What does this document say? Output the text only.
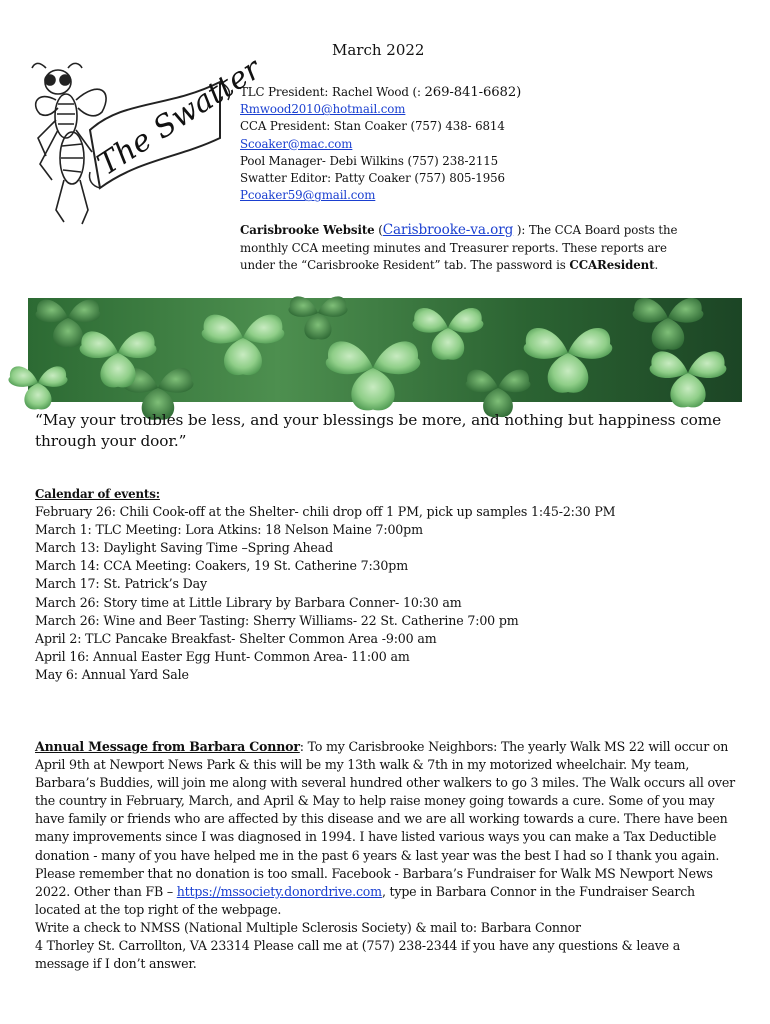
March 2022
The Swatter
TLC President: Rachel Wood (: 269-841-6682)
Rmwood2010@hotmail.com
CCA President: Stan Coaker (757) 438- 6814
Scoaker@mac.com
Pool Manager- Debi Wilkins (757) 238-2115
Swatter Editor: Patty Coaker (757) 805-1956
Pcoaker59@gmail.com
Carisbrooke Website (Carisbrooke-va.org ): The CCA Board posts the monthly CCA meeting minutes and Treasurer reports. These reports are under the “Carisbrooke Resident” tab. The password is CCAResident.
“May your troubles be less, and your blessings be more, and nothing but happiness come through your door.”
Calendar of events:
February 26: Chili Cook-off at the Shelter- chili drop off 1 PM, pick up samples 1:45-2:30 PM
March 1: TLC Meeting: Lora Atkins: 18 Nelson Maine 7:00pm
March 13: Daylight Saving Time –Spring Ahead
March 14: CCA Meeting: Coakers, 19 St. Catherine 7:30pm
March 17: St. Patrick’s Day
March 26: Story time at Little Library by Barbara Conner- 10:30 am
March 26: Wine and Beer Tasting: Sherry Williams- 22 St. Catherine 7:00 pm
April 2: TLC Pancake Breakfast- Shelter Common Area -9:00 am
April 16: Annual Easter Egg Hunt- Common Area- 11:00 am
May 6: Annual Yard Sale
Annual Message from Barbara Connor: To my Carisbrooke Neighbors: The yearly Walk MS 22 will occur on April 9th at Newport News Park & this will be my 13th walk & 7th in my motorized wheelchair. My team, Barbara’s Buddies, will join me along with several hundred other walkers to go 3 miles. The Walk occurs all over the country in February, March, and April & May to help raise money going towards a cure. Some of you may have family or friends who are affected by this disease and we are all working towards a cure. There have been many improvements since I was diagnosed in 1994. I have listed various ways you can make a Tax Deductible donation - many of you have helped me in the past 6 years & last year was the best I had so I thank you again. Please remember that no donation is too small. Facebook - Barbara’s Fundraiser for Walk MS Newport News 2022. Other than FB – https://mssociety.donordrive.com, type in Barbara Connor in the Fundraiser Search located at the top right of the webpage.
Write a check to NMSS (National Multiple Sclerosis Society) & mail to: Barbara Connor
4 Thorley St. Carrollton, VA 23314 Please call me at (757) 238-2344 if you have any questions & leave a message if I don’t answer.
